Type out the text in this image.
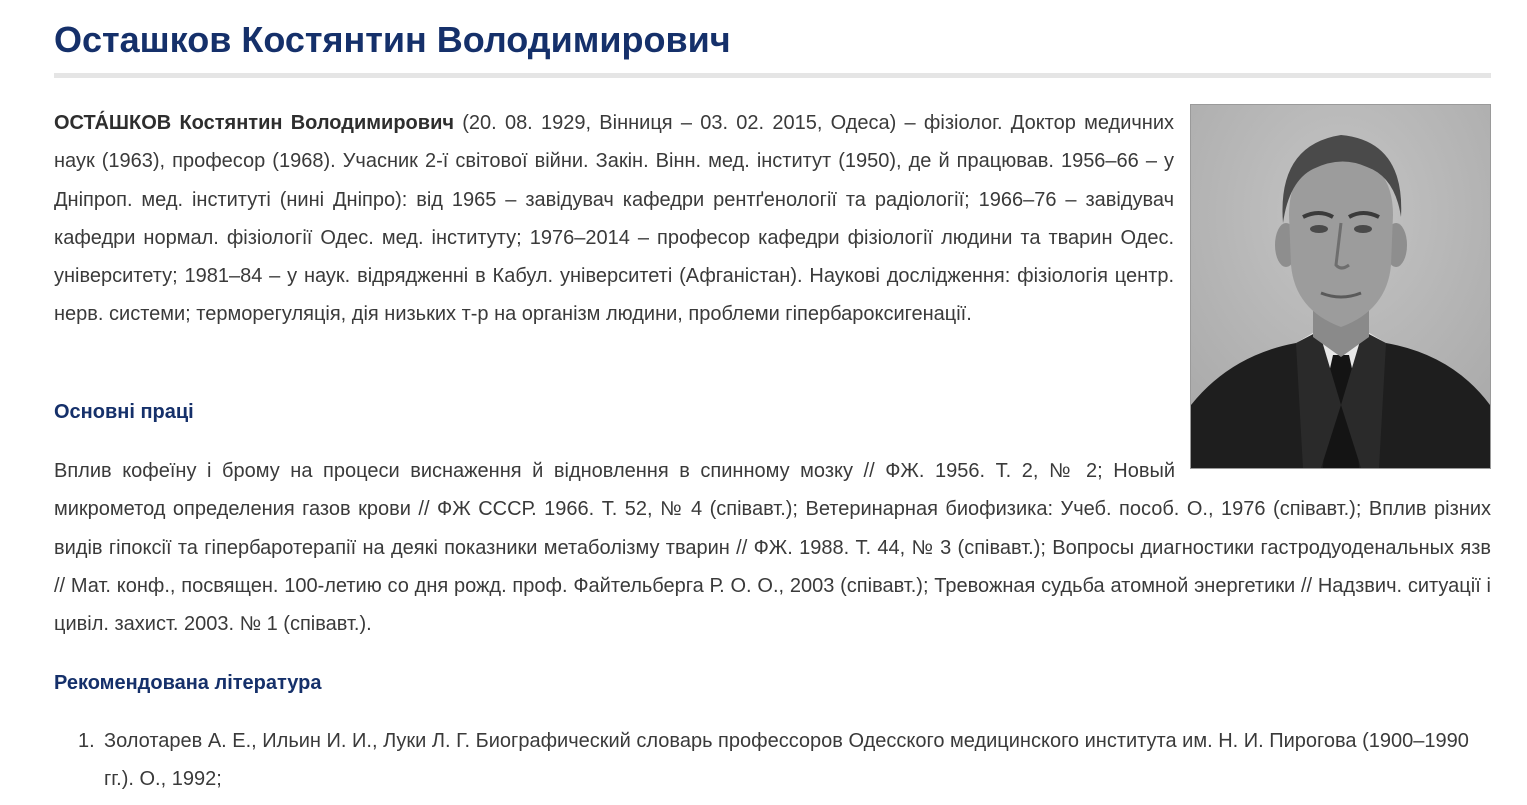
Осташков Костянтин Володимирович

ОСТА́ШКОВ Костянтин Володимирович (20. 08. 1929, Вінниця – 03. 02. 2015, Одеса) – фізіолог. Доктор медичних наук (1963), професор (1968). Учасник 2-ї світової війни. Закін. Вінн. мед. інститут (1950), де й працював. 1956–66 – у Дніпроп. мед. інституті (нині Дніпро): від 1965 – завідувач кафедри рентґенології та радіології; 1966–76 – завідувач кафедри нормал. фізіології Одес. мед. інституту; 1976–2014 – професор кафедри фізіології людини та тварин Одес. університету; 1981–84 – у наук. відрядженні в Кабул. університеті (Афганістан). Наукові дослідження: фізіологія центр. нерв. системи; терморегуляція, дія низьких т-р на організм людини, проблеми гіпербароксигенації.

Основні праці

Вплив кофеїну і брому на процеси виснаження й відновлення в спинному мозку // ФЖ. 1956. Т. 2, № 2; Новый микрометод определения газов крови // ФЖ СССР. 1966. Т. 52, № 4 (співавт.); Ветеринарная биофизика: Учеб. пособ. О., 1976 (співавт.); Вплив різних видів гіпоксії та гіпербаротерапії на деякі показники метаболізму тварин // ФЖ. 1988. Т. 44, № 3 (співавт.); Вопросы диагностики гастродуоденальных язв // Мат. конф., посвящен. 100-летию со дня рожд. проф. Файтельберга Р. О. О., 2003 (співавт.); Тревожная судьба атомной энергетики // Надзвич. ситуації і цивіл. захист. 2003. № 1 (співавт.).

Рекомендована література
1. Золотарев А. Е., Ильин И. И., Луки Л. Г. Биографический словарь профессоров Одесского медицинского института им. Н. И. Пирогова (1900–1990 гг.). О., 1992;
